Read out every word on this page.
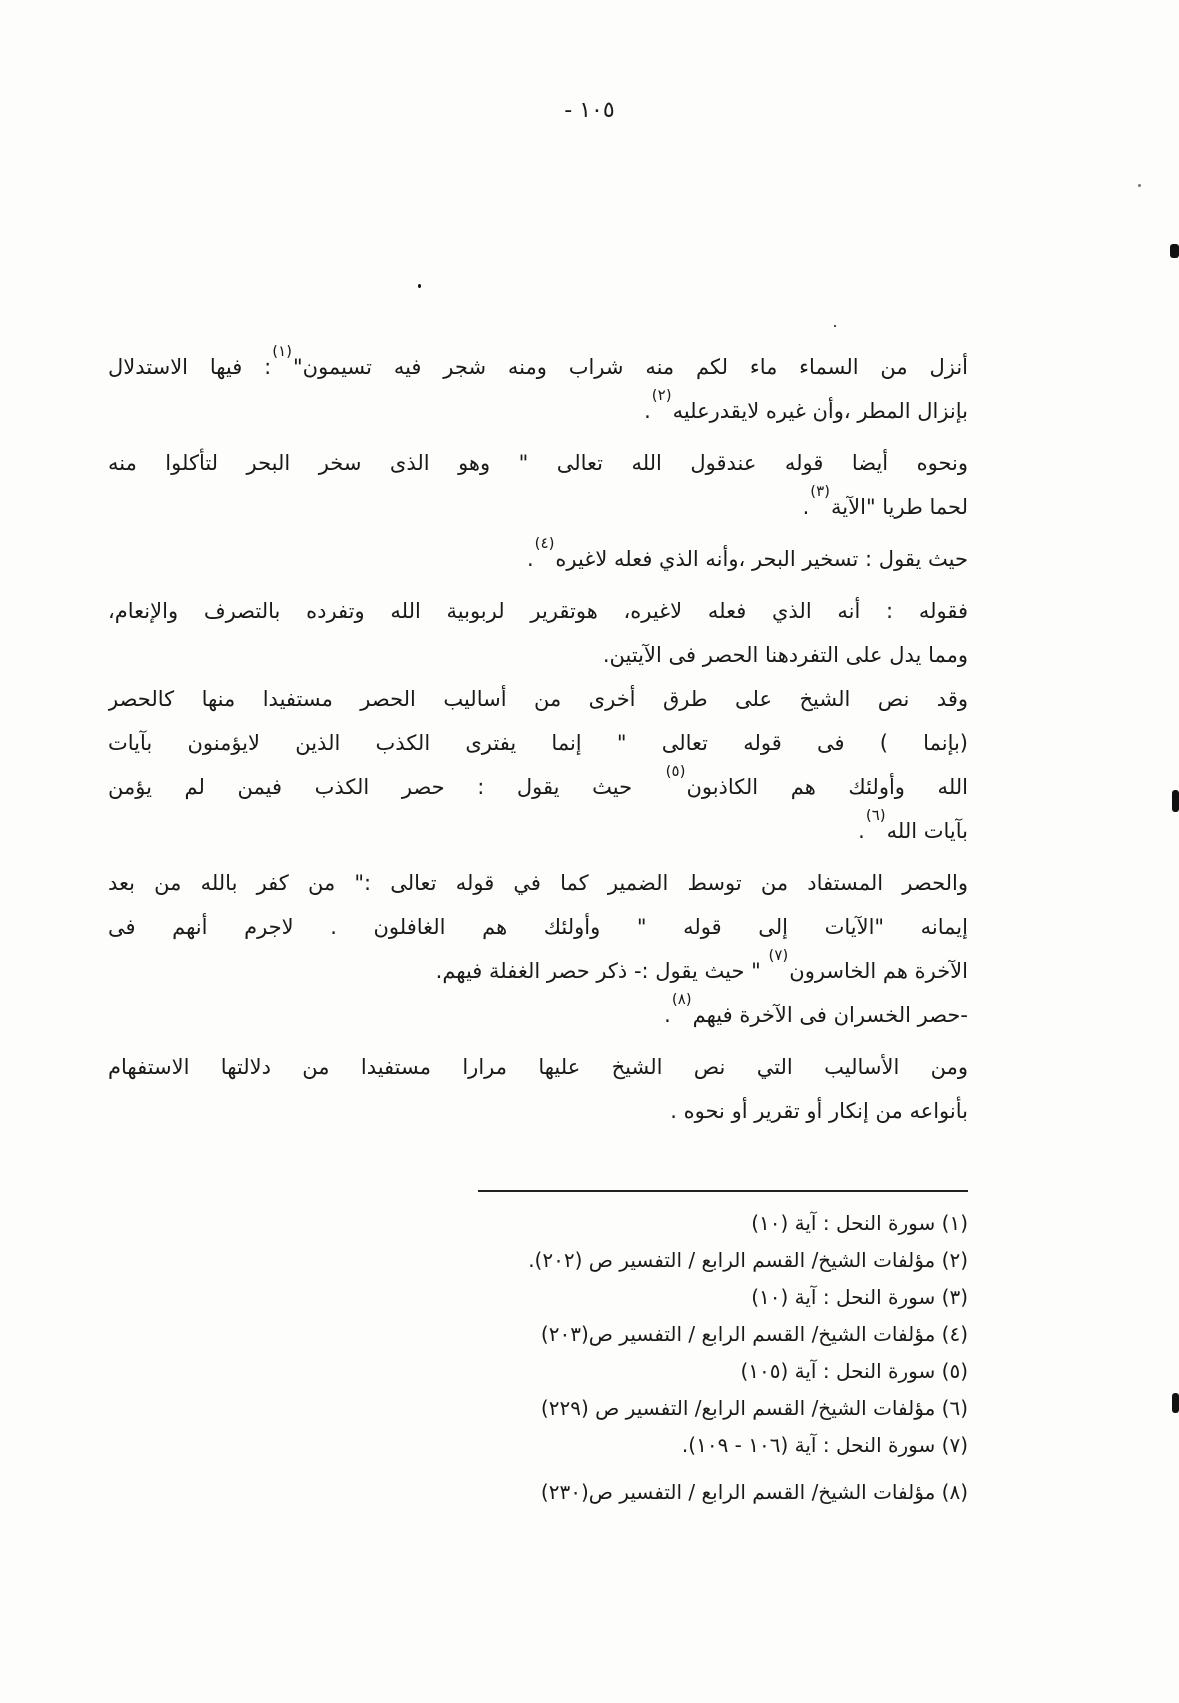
١٠٥ -
أنزل من السماء ماء لكم منه شراب ومنه شجر فيه تسيمون"$^{(١)}$: فيها الاستدلال
بإنزال المطر ،وأن غيره لايقدرعليه$^{(٢)}$.
ونحوه أيضا قوله عندقول الله تعالى " وهو الذى سخر البحر لتأكلوا منه
لحما طريا "الآية$^{(٣)}$.
حيث يقول : تسخير البحر ،وأنه الذي فعله لاغيره$^{(٤)}$.
فقوله : أنه الذي فعله لاغيره، هوتقرير لربوبية الله وتفرده بالتصرف والإنعام،
ومما يدل على التفردهنا الحصر فى الآيتين.
وقد نص الشيخ على طرق أخرى من أساليب الحصر مستفيدا منها كالحصر
(بإنما ) فى قوله تعالى " إنما يفترى الكذب الذين لايؤمنون بآيات
الله وأولئك هم الكاذبون$^{(٥)}$ حيث يقول : حصر الكذب فيمن لم يؤمن
بآيات الله$^{(٦)}$.
والحصر المستفاد من توسط الضمير كما في قوله تعالى :" من كفر بالله من بعد
إيمانه "الآيات إلى قوله " وأولئك هم الغافلون . لاجرم أنهم فى
الآخرة هم الخاسرون$^{(٧)}$ " حيث يقول :- ذكر حصر الغفلة فيهم.
-حصر الخسران فى الآخرة فيهم$^{(٨)}$.
ومن الأساليب التي نص الشيخ عليها مرارا مستفيدا من دلالتها الاستفهام
بأنواعه من إنكار أو تقرير أو نحوه .
(١) سورة النحل : آية (١٠)
(٢) مؤلفات الشيخ/ القسم الرابع / التفسير ص (٢٠٢).
(٣) سورة النحل : آية (١٠)
(٤) مؤلفات الشيخ/ القسم الرابع / التفسير ص(٢٠٣)
(٥) سورة النحل : آية (١٠٥)
(٦) مؤلفات الشيخ/ القسم الرابع/ التفسير ص (٢٢٩)
(٧) سورة النحل : آية (١٠٦ - ١٠٩).
(٨) مؤلفات الشيخ/ القسم الرابع / التفسير ص(٢٣٠)
